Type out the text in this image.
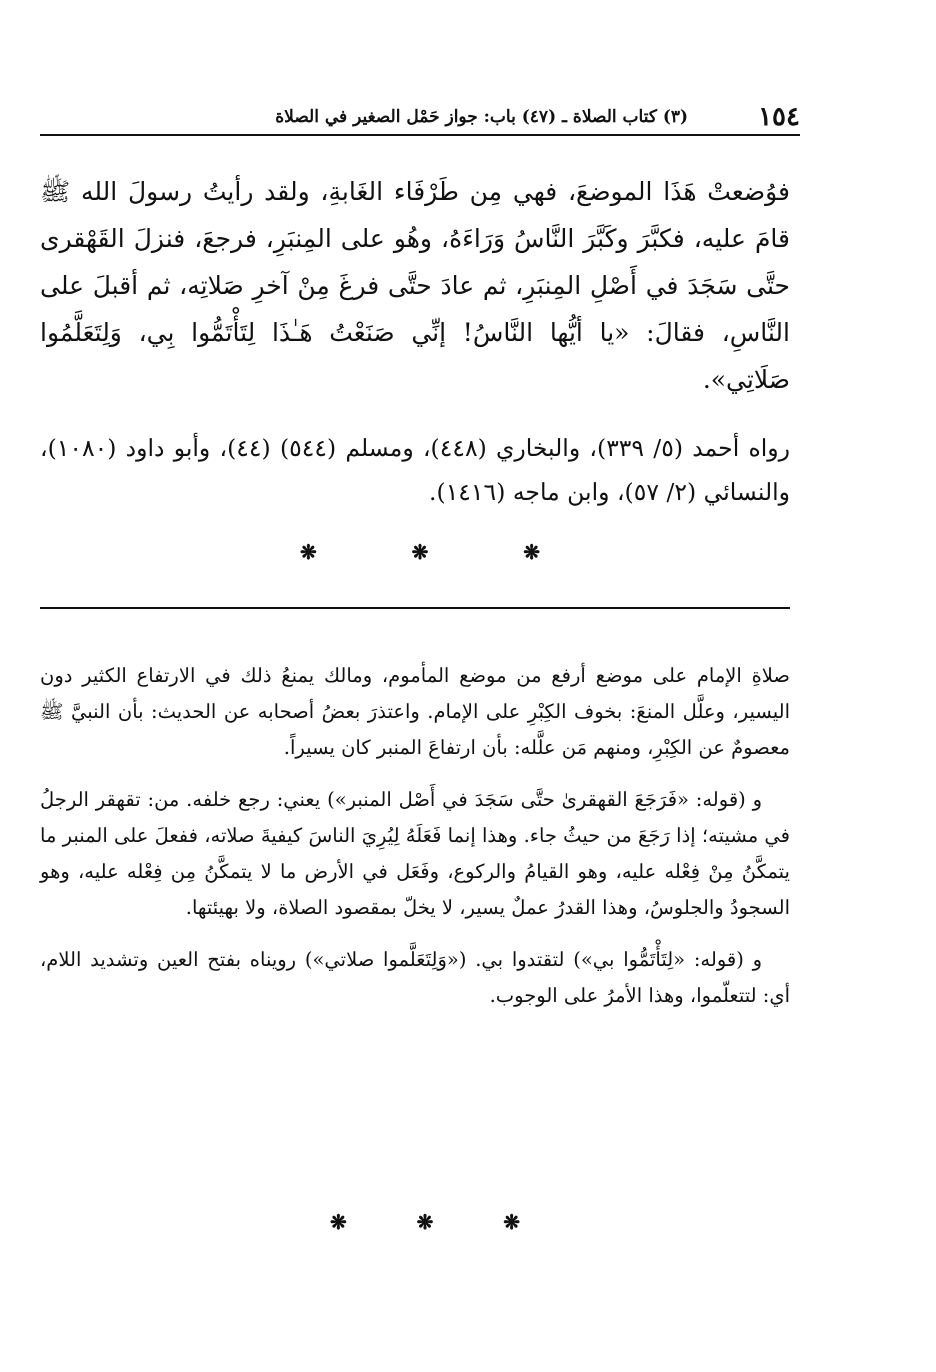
١٥٤
(٣) كتاب الصلاة ـ (٤٧) باب: جواز حَمْل الصغير في الصلاة

فوُضعتْ هَذَا الموضعَ، فهي مِن طَرْفَاء الغَابةِ، ولقد رأيتُ رسولَ الله ﷺ قامَ عليه، فكبَّرَ وكَبَّرَ النَّاسُ وَرَاءَهُ، وهُو على المِنبَرِ، فرجعَ، فنزلَ القَهْقرى حتَّى سَجَدَ في أَصْلِ المِنبَرِ، ثم عادَ حتَّى فرغَ مِنْ آخرِ صَلاتِه، ثم أقبلَ على النَّاسِ، فقالَ: «يا أيُّها النَّاسُ! إنِّي صَنَعْتُ هَـٰذَا لِتَأْتَمُّوا بِي، وَلِتَعَلَّمُوا صَلَاتِي».

رواه أحمد (٥/ ٣٣٩)، والبخاري (٤٤٨)، ومسلم (٥٤٤) (٤٤)، وأبو داود (١٠٨٠)، والنسائي (٢/ ٥٧)، وابن ماجه (١٤١٦).
❋
❋
❋

صلاةِ الإمام على موضع أرفع من موضع المأموم، ومالك يمنعُ ذلك في الارتفاع الكثير دون اليسير، وعلَّل المنعَ: بخوف الكِبْرِ على الإمام. واعتذرَ بعضُ أصحابه عن الحديث: بأن النبيَّ ﷺ معصومٌ عن الكِبْرِ، ومنهم مَن علَّله: بأن ارتفاعَ المنبر كان يسيراً.

و (قوله: «فَرَجَعَ القهقرىٰ حتَّى سَجَدَ في أَصْل المنبر») يعني: رجع خلفه. من: تقهقر الرجلُ في مشيته؛ إذا رَجَعَ من حيثُ جاء. وهذا إنما فَعَلَهُ لِيُرِيَ الناسَ كيفيةَ صلاته، ففعلَ على المنبر ما يتمكَّنُ مِنْ فِعْله عليه، وهو القيامُ والركوع، وفَعَل في الأرض ما لا يتمكَّنُ مِن فِعْله عليه، وهو السجودُ والجلوسُ، وهذا القدرُ عملٌ يسير، لا يخلّ بمقصود الصلاة، ولا بهيئتها.

و (قوله: «لِتَأْتَمُّوا بي») لتقتدوا بي. («وَلِتَعَلَّموا صلاتي») رويناه بفتح العين وتشديد اللام، أي: لتتعلّموا، وهذا الأمرُ على الوجوب.

❋
❋
❋
